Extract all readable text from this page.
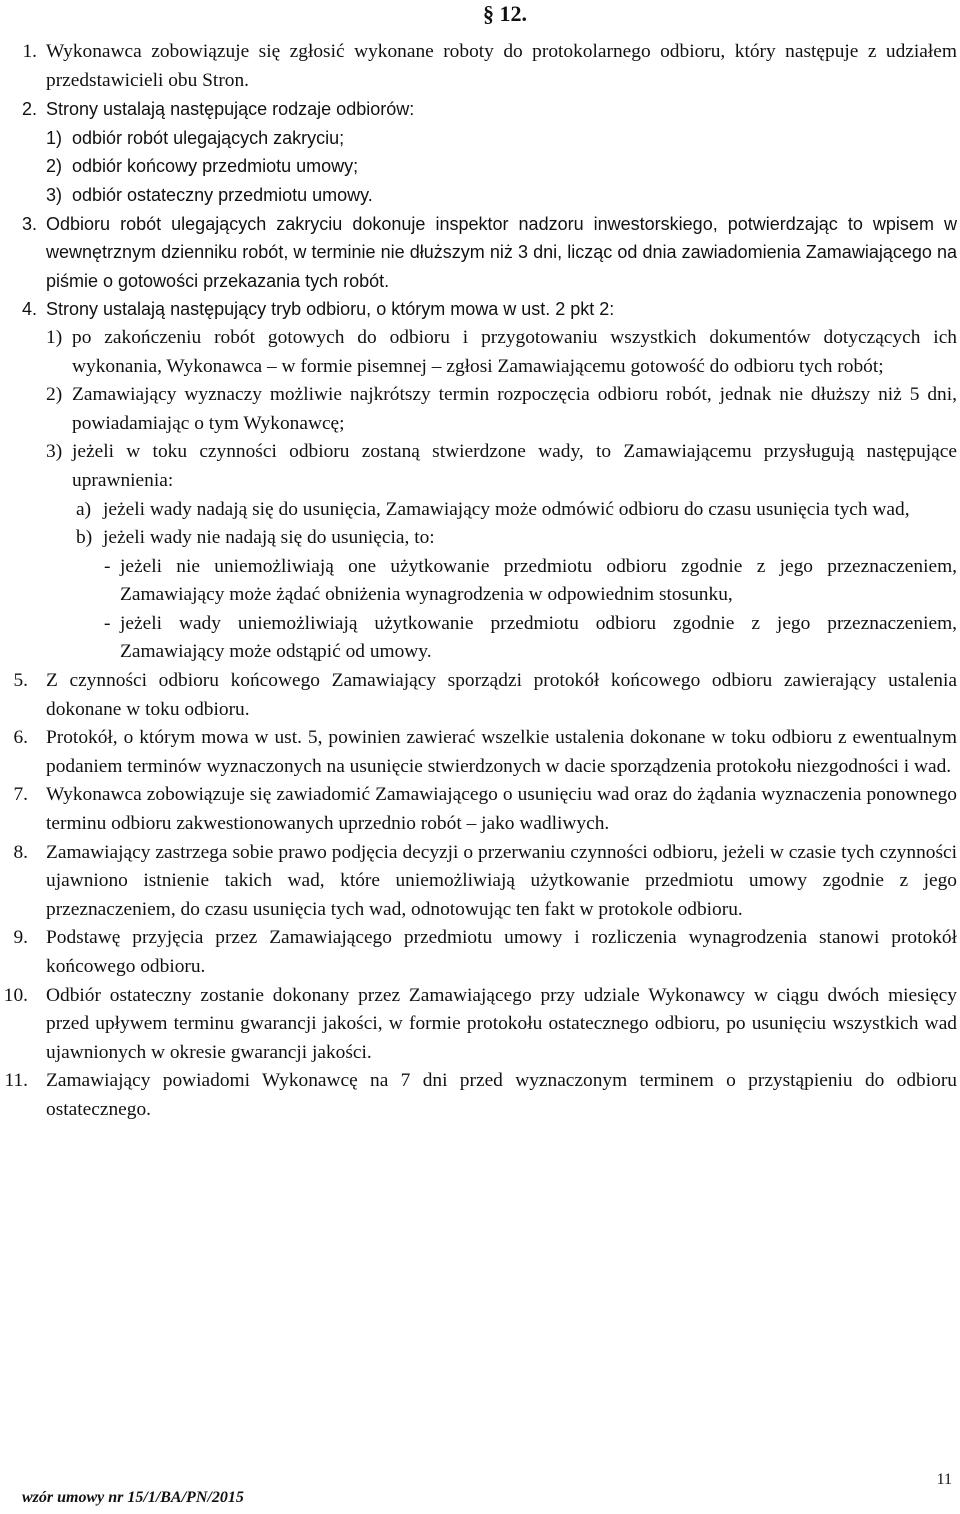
§ 12.
1. Wykonawca zobowiązuje się zgłosić wykonane roboty do protokolarnego odbioru, który następuje z udziałem przedstawicieli obu Stron.
2. Strony ustalają następujące rodzaje odbiorów:
1) odbiór robót ulegających zakryciu;
2) odbiór końcowy przedmiotu umowy;
3) odbiór ostateczny przedmiotu umowy.
3. Odbioru robót ulegających zakryciu dokonuje inspektor nadzoru inwestorskiego, potwierdzając to wpisem w wewnętrznym dzienniku robót, w terminie nie dłuższym niż 3 dni, licząc od dnia zawiadomienia Zamawiającego na piśmie o gotowości przekazania tych robót.
4. Strony ustalają następujący tryb odbioru, o którym mowa w ust. 2 pkt 2:
1) po zakończeniu robót gotowych do odbioru i przygotowaniu wszystkich dokumentów dotyczących ich wykonania, Wykonawca – w formie pisemnej – zgłosi Zamawiającemu gotowość do odbioru tych robót;
2) Zamawiający wyznaczy możliwie najkrótszy termin rozpoczęcia odbioru robót, jednak nie dłuższy niż 5 dni, powiadamiając o tym Wykonawcę;
3) jeżeli w toku czynności odbioru zostaną stwierdzone wady, to Zamawiającemu przysługują następujące uprawnienia:
a) jeżeli wady nadają się do usunięcia, Zamawiający może odmówić odbioru do czasu usunięcia tych wad,
b) jeżeli wady nie nadają się do usunięcia, to:
- jeżeli nie uniemożliwiają one użytkowanie przedmiotu odbioru zgodnie z jego przeznaczeniem, Zamawiający może żądać obniżenia wynagrodzenia w odpowiednim stosunku,
- jeżeli wady uniemożliwiają użytkowanie przedmiotu odbioru zgodnie z jego przeznaczeniem, Zamawiający może odstąpić od umowy.
5. Z czynności odbioru końcowego Zamawiający sporządzi protokół końcowego odbioru zawierający ustalenia dokonane w toku odbioru.
6. Protokół, o którym mowa w ust. 5, powinien zawierać wszelkie ustalenia dokonane w toku odbioru z ewentualnym podaniem terminów wyznaczonych na usunięcie stwierdzonych w dacie sporządzenia protokołu niezgodności i wad.
7. Wykonawca zobowiązuje się zawiadomić Zamawiającego o usunięciu wad oraz do żądania wyznaczenia ponownego terminu odbioru zakwestionowanych uprzednio robót – jako wadliwych.
8. Zamawiający zastrzega sobie prawo podjęcia decyzji o przerwaniu czynności odbioru, jeżeli w czasie tych czynności ujawniono istnienie takich wad, które uniemożliwiają użytkowanie przedmiotu umowy zgodnie z jego przeznaczeniem, do czasu usunięcia tych wad, odnotowując ten fakt w protokole odbioru.
9. Podstawę przyjęcia przez Zamawiającego przedmiotu umowy i rozliczenia wynagrodzenia stanowi protokół końcowego odbioru.
10. Odbiór ostateczny zostanie dokonany przez Zamawiającego przy udziale Wykonawcy w ciągu dwóch miesięcy przed upływem terminu gwarancji jakości, w formie protokołu ostatecznego odbioru, po usunięciu wszystkich wad ujawnionych w okresie gwarancji jakości.
11. Zamawiający powiadomi Wykonawcę na 7 dni przed wyznaczonym terminem o przystąpieniu do odbioru ostatecznego.
11
wzór umowy nr 15/1/BA/PN/2015
